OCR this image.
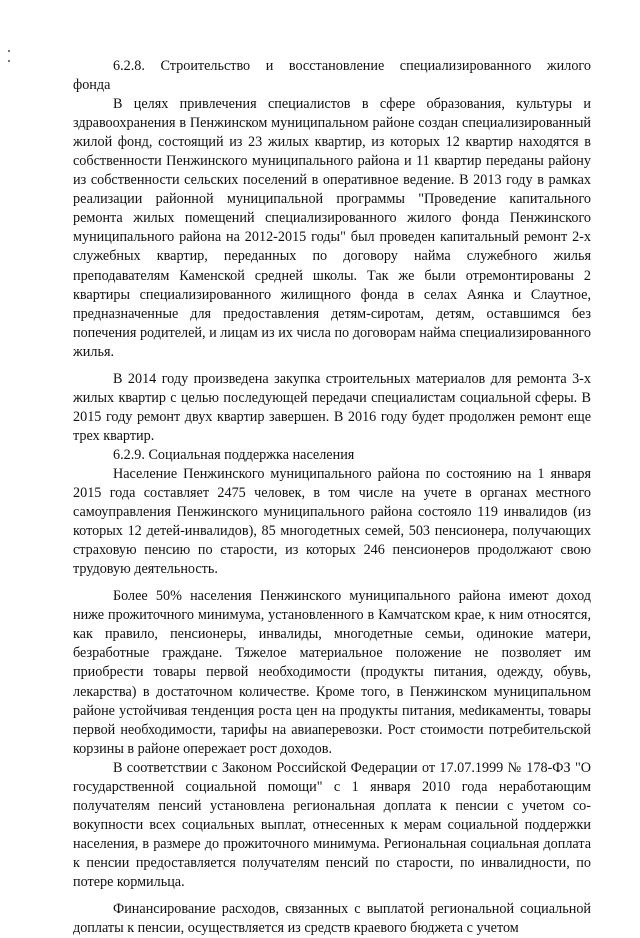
6.2.8. Строительство и восстановление специализированного жилого

фонда

В целях привлечения специалистов в сфере образования, культуры и здравоохранения в Пенжинском муниципальном районе создан специализированный жилой фонд, состоящий из 23 жилых квартир, из которых 12 квартир находятся в собственности Пенжинского муниципального района и 11 квартир переданы району из собственности сельских поселений в оперативное ведение. В 2013 году в рамках реализации районной муниципальной программы "Проведение капитального ремонта жилых помещений специализированного жилого фонда Пенжинского муниципального района на 2012-2015 годы" был проведен капитальный ремонт 2-х служебных квартир, переданных по договору найма служебного жилья преподавателям Каменской средней школы. Так же были отремонтированы 2 квартиры специализированного жилищного фонда в селах Аянка и Слаутное, предназначенные для предоставления детям-сиротам, детям, оставшимся без попечения родителей, и лицам из их числа по договорам найма специализированного жилья.

В 2014 году произведена закупка строительных материалов для ремонта 3-х жилых квартир с целью последующей передачи специалистам социальной сферы. В 2015 году ремонт двух квартир завершен. В 2016 году будет продолжен ремонт еще трех квартир.

6.2.9. Социальная поддержка населения

Население Пенжинского муниципального района по состоянию на 1 января 2015 года составляет 2475 человек, в том числе на учете в органах местного самоуправления Пенжинского муниципального района состояло 119 инвалидов (из которых 12 детей-инвалидов), 85 многодетных семей, 503 пенсионера, получающих страховую пенсию по старости, из которых 246 пенсионеров продолжают свою трудовую деятельность.

Более 50% населения Пенжинского муниципального района имеют доход ниже прожиточного минимума, установленного в Камчатском крае, к ним относятся, как правило, пенсионеры, инвалиды, многодетные семьи, одинокие матери, безработные граждане. Тяжелое материальное положение не позволяет им приобрести товары первой необходимости (продукты питания, одежду, обувь, лекарства) в достаточном количестве. Кроме того, в Пенжинском муниципальном районе устойчивая тенденция роста цен на продукты питания, меdикаменты, товары первой необходимости, тарифы на авиаперевозки. Рост стоимости потребительской корзины в районе опережает рост доходов.

В соответствии с Законом Российской Федерации от 17.07.1999 № 178-ФЗ "О государственной социальной помощи" с 1 января 2010 года неработающим получателям пенсий установлена региональная доплата к пенсии с учетом совокупности всех социальных выплат, отнесенных к мерам социальной поддержки населения, в размере до прожиточного минимума. Региональная социальная доплата к пенсии предоставляется получателям пенсий по старости, по инвалидности, по потере кормильца.

Финансирование расходов, связанных с выплатой региональной социальной доплаты к пенсии, осуществляется из средств краевого бюджета с учетом
